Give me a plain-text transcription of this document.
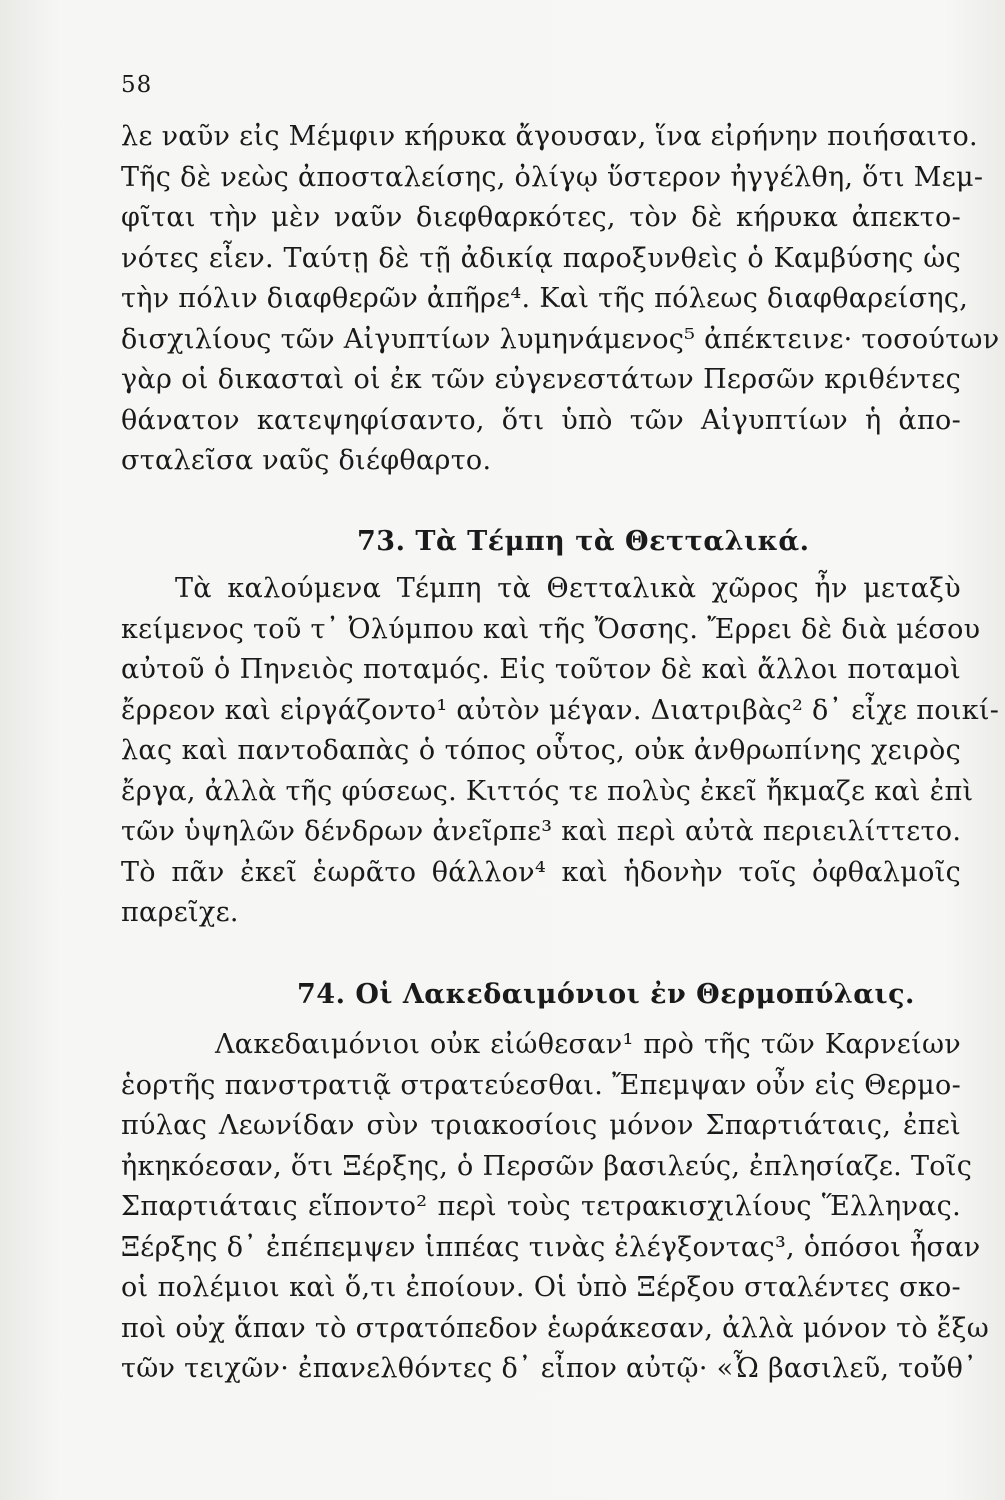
58
λε ναῦν εἰς Μέμφιν κήρυκα ἄγουσαν, ἵνα εἰρήνην ποιήσαιτο.
Τῆς δὲ νεὼς ἀποσταλείσης, ὀλίγῳ ὕστερον ἠγγέλθη, ὅτι Μεμ-
φῖται τὴν μὲν ναῦν διεφθαρκότες, τὸν δὲ κήρυκα ἀπεκτο-
νότες εἶεν. Ταύτῃ δὲ τῇ ἀδικίᾳ παροξυνθεὶς ὁ Καμβύσης ὡς
τὴν πόλιν διαφθερῶν ἀπῆρε⁴. Καὶ τῆς πόλεως διαφθαρείσης,
δισχιλίους τῶν Αἰγυπτίων λυμηνάμενος⁵ ἀπέκτεινε· τοσούτων
γὰρ οἱ δικασταὶ οἱ ἐκ τῶν εὐγενεστάτων Περσῶν κριθέντες
θάνατον κατεψηφίσαντο, ὅτι ὑπὸ τῶν Αἰγυπτίων ἡ ἀπο-
σταλεῖσα ναῦς διέφθαρτο.
73. Τὰ Τέμπη τὰ Θετταλικά.
Τὰ καλούμενα Τέμπη τὰ Θετταλικὰ χῶρος ἦν μεταξὺ
κείμενος τοῦ τ᾽ Ὀλύμπου καὶ τῆς Ὄσσης. Ἔρρει δὲ διὰ μέσου
αὐτοῦ ὁ Πηνειὸς ποταμός. Εἰς τοῦτον δὲ καὶ ἄλλοι ποταμοὶ
ἔρρεον καὶ εἰργάζοντο¹ αὐτὸν μέγαν. Διατριβὰς² δ᾽ εἶχε ποικί-
λας καὶ παντοδαπὰς ὁ τόπος οὗτος, οὐκ ἀνθρωπίνης χειρὸς
ἔργα, ἀλλὰ τῆς φύσεως. Κιττός τε πολὺς ἐκεῖ ἤκμαζε καὶ ἐπὶ
τῶν ὑψηλῶν δένδρων ἀνεῖρπε³ καὶ περὶ αὐτὰ περιειλίττετο.
Τὸ πᾶν ἐκεῖ ἑωρᾶτο θάλλον⁴ καὶ ἡδονὴν τοῖς ὀφθαλμοῖς
παρεῖχε.
74. Οἱ Λακεδαιμόνιοι ἐν Θερμοπύλαις.
Λακεδαιμόνιοι οὐκ εἰώθεσαν¹ πρὸ τῆς τῶν Καρνείων
ἑορτῆς πανστρατιᾷ στρατεύεσθαι. Ἔπεμψαν οὖν εἰς Θερμο-
πύλας Λεωνίδαν σὺν τριακοσίοις μόνον Σπαρτιάταις, ἐπεὶ
ἠκηκόεσαν, ὅτι Ξέρξης, ὁ Περσῶν βασιλεύς, ἐπλησίαζε. Τοῖς
Σπαρτιάταις εἵποντο² περὶ τοὺς τετρακισχιλίους Ἕλληνας.
Ξέρξης δ᾽ ἐπέπεμψεν ἱππέας τινὰς ἐλέγξοντας³, ὁπόσοι ἦσαν
οἱ πολέμιοι καὶ ὅ,τι ἐποίουν. Οἱ ὑπὸ Ξέρξου σταλέντες σκο-
ποὶ οὐχ ἅπαν τὸ στρατόπεδον ἑωράκεσαν, ἀλλὰ μόνον τὸ ἔξω
τῶν τειχῶν· ἐπανελθόντες δ᾽ εἶπον αὐτῷ· «Ὦ βασιλεῦ, τοὔθ᾽
